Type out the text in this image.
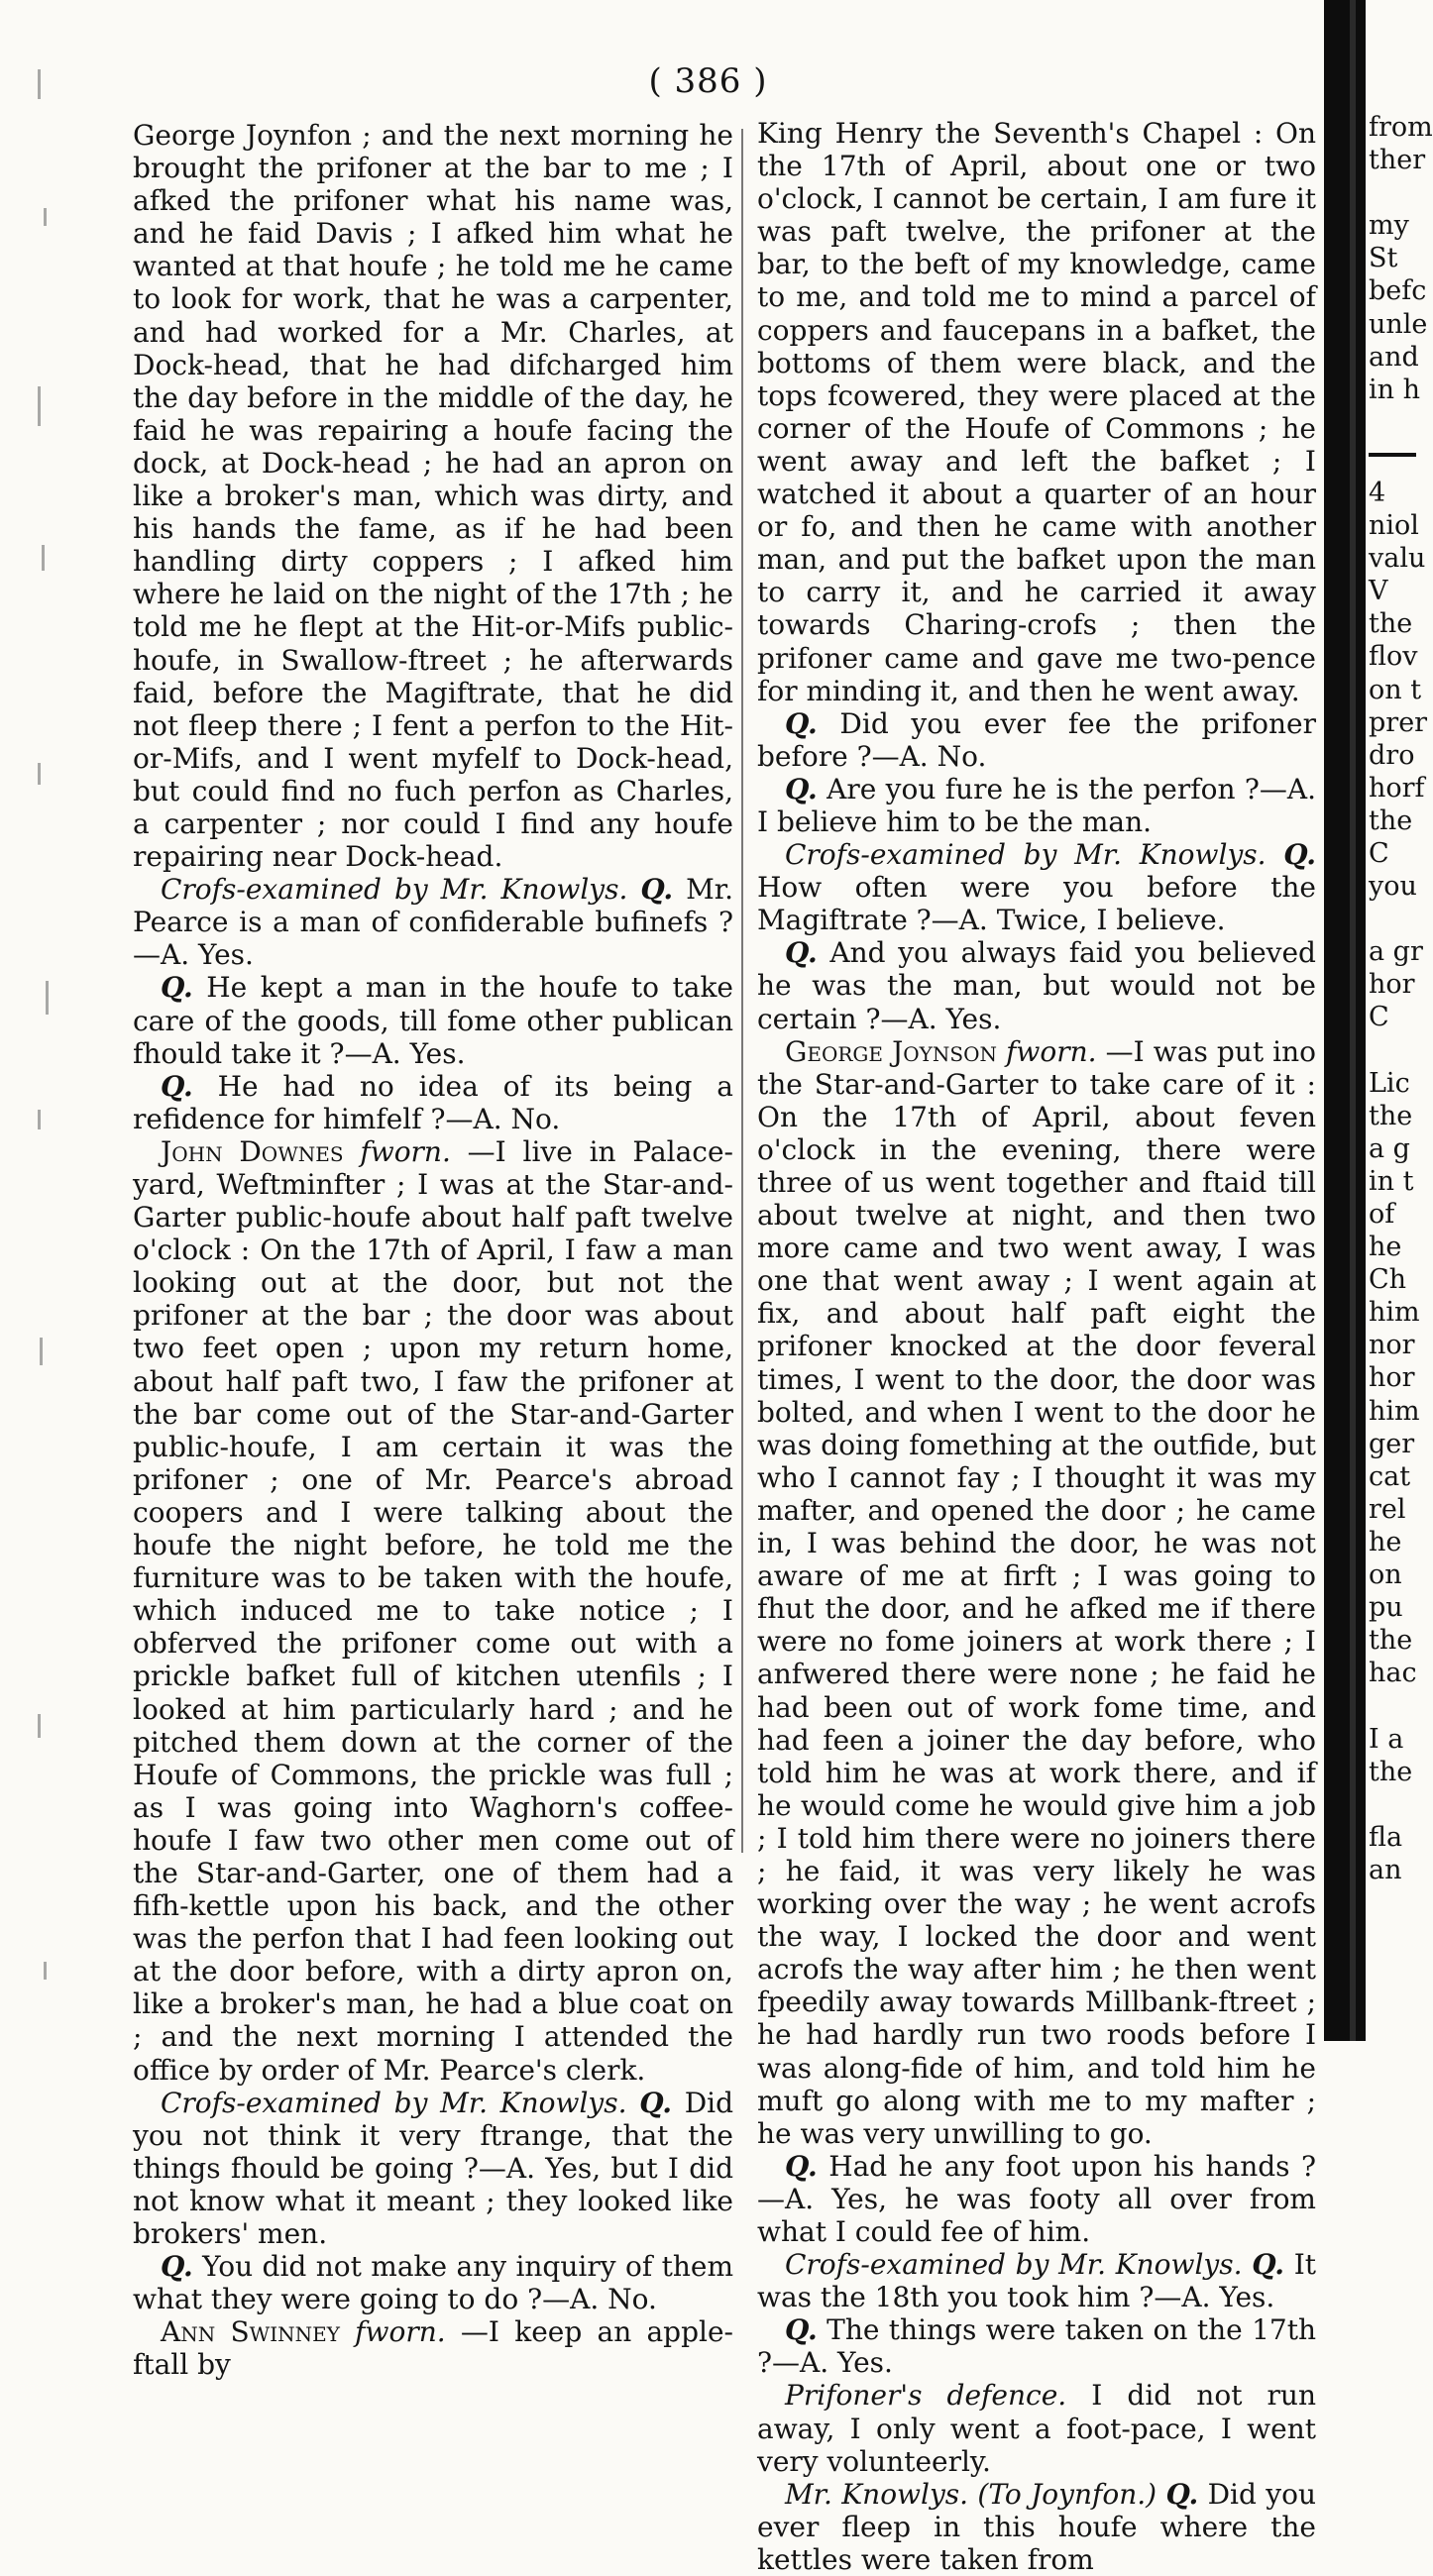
( 386 )

George Joynfon ; and the next morning he brought the prifoner at the bar to me ; I afked the prifoner what his name was, and he faid Davis ; I afked him what he wanted at that houfe ; he told me he came to look for work, that he was a carpenter, and had worked for a Mr. Charles, at Dock-head, that he had difcharged him the day before in the middle of the day, he faid he was repairing a houfe facing the dock, at Dock-head ; he had an apron on like a broker's man, which was dirty, and his hands the fame, as if he had been handling dirty coppers ; I afked him where he laid on the night of the 17th ; he told me he flept at the Hit-or-Mifs public-houfe, in Swallow-ftreet ; he afterwards faid, before the Magiftrate, that he did not fleep there ; I fent a perfon to the Hit-or-Mifs, and I went myfelf to Dock-head, but could find no fuch perfon as Charles, a carpenter ; nor could I find any houfe repairing near Dock-head.

Crofs-examined by Mr. Knowlys. Q. Mr. Pearce is a man of confiderable bufinefs ?—A. Yes.

Q. He kept a man in the houfe to take care of the goods, till fome other publican fhould take it ?—A. Yes.

Q. He had no idea of its being a refidence for himfelf ?—A. No.

John Downes fworn. —I live in Palace-yard, Weftminfter ; I was at the Star-and-Garter public-houfe about half paft twelve o'clock : On the 17th of April, I faw a man looking out at the door, but not the prifoner at the bar ; the door was about two feet open ; upon my return home, about half paft two, I faw the prifoner at the bar come out of the Star-and-Garter public-houfe, I am certain it was the prifoner ; one of Mr. Pearce's abroad coopers and I were talking about the houfe the night before, he told me the furniture was to be taken with the houfe, which induced me to take notice ; I obferved the prifoner come out with a prickle bafket full of kitchen utenfils ; I looked at him particularly hard ; and he pitched them down at the corner of the Houfe of Commons, the prickle was full ; as I was going into Waghorn's coffee-houfe I faw two other men come out of the Star-and-Garter, one of them had a fifh-kettle upon his back, and the other was the perfon that I had feen looking out at the door before, with a dirty apron on, like a broker's man, he had a blue coat on ; and the next morning I attended the office by order of Mr. Pearce's clerk.

Crofs-examined by Mr. Knowlys. Q. Did you not think it very ftrange, that the things fhould be going ?—A. Yes, but I did not know what it meant ; they looked like brokers' men.

Q. You did not make any inquiry of them what they were going to do ?—A. No.

Ann Swinney fworn. —I keep an apple-ftall by

King Henry the Seventh's Chapel : On the 17th of April, about one or two o'clock, I cannot be certain, I am fure it was paft twelve, the prifoner at the bar, to the beft of my knowledge, came to me, and told me to mind a parcel of coppers and faucepans in a bafket, the bottoms of them were black, and the tops fcowered, they were placed at the corner of the Houfe of Commons ; he went away and left the bafket ; I watched it about a quarter of an hour or fo, and then he came with another man, and put the bafket upon the man to carry it, and he carried it away towards Charing-crofs ; then the prifoner came and gave me two-pence for minding it, and then he went away.

Q. Did you ever fee the prifoner before ?—A. No.

Q. Are you fure he is the perfon ?—A. I believe him to be the man.

Crofs-examined by Mr. Knowlys. Q. How often were you before the Magiftrate ?—A. Twice, I believe.

Q. And you always faid you believed he was the man, but would not be certain ?—A. Yes.

George Joynson fworn. —I was put ino the Star-and-Garter to take care of it : On the 17th of April, about feven o'clock in the evening, there were three of us went together and ftaid till about twelve at night, and then two more came and two went away, I was one that went away ; I went again at fix, and about half paft eight the prifoner knocked at the door feveral times, I went to the door, the door was bolted, and when I went to the door he was doing fomething at the outfide, but who I cannot fay ; I thought it was my mafter, and opened the door ; he came in, I was behind the door, he was not aware of me at firft ; I was going to fhut the door, and he afked me if there were no fome joiners at work there ; I anfwered there were none ; he faid he had been out of work fome time, and had feen a joiner the day before, who told him he was at work there, and if he would come he would give him a job ; I told him there were no joiners there ; he faid, it was very likely he was working over the way ; he went acrofs the way, I locked the door and went acrofs the way after him ; he then went fpeedily away towards Millbank-ftreet ; he had hardly run two roods before I was along-fide of him, and told him he muft go along with me to my mafter ; he was very unwilling to go.

Q. Had he any foot upon his hands ?—A. Yes, he was footy all over from what I could fee of him.

Crofs-examined by Mr. Knowlys. Q. It was the 18th you took him ?—A. Yes.

Q. The things were taken on the 17th ?—A. Yes.

Prifoner's defence. I did not run away, I only went a foot-pace, I went very volunteerly.

Mr. Knowlys. (To Joynfon.) Q. Did you ever fleep in this houfe where the kettles were taken from

from
ther
my
St
befc
unle
and
in h
4
niol
valu
V
the
flov
on t
prer
dro
horf
the
C
you
a gr
hor
C
Lic
the
a g
in t
of
he
Ch
him
nor
hor
him
ger
cat
rel
he
on
pu
the
hac
I a
the
fla
an
